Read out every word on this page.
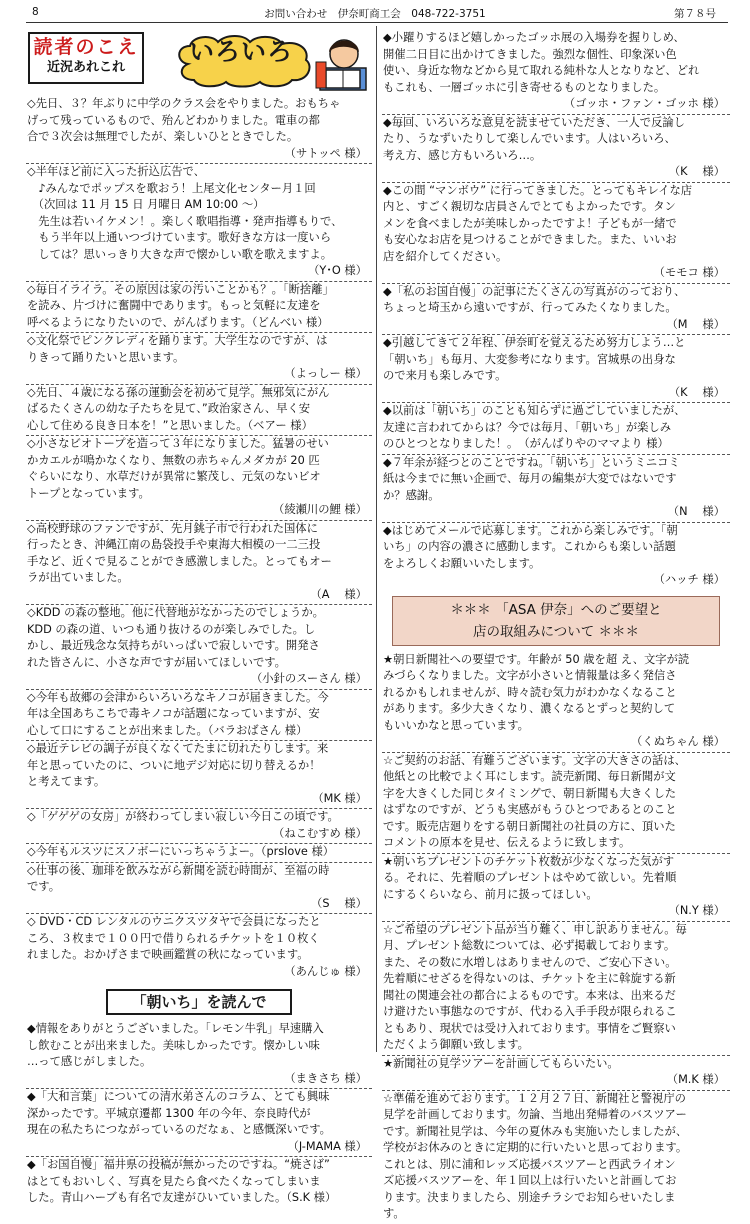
8	お問い合わせ　伊奈町商工会　048-722-3751	第７８号
読者のこえ
近況あれこれ
いろいろ

◇先日、３？年ぶりに中学のクラス会をやりました。おもちゃ
げって残っているもので、殆んどわかりました。電車の都
合で３次会は無理でしたが、楽しいひとときでした。

（サトッペ 様）

◇半年ほど前に入った折込広告で、
　♪みんなでポップスを歌おう！上尾文化センター月１回
　（次回は 11 月 15 日 月曜日 AM 10:00 ～）
　先生は若いイケメン！。楽しく歌唱指導・発声指導もりで、
　もう半年以上通いつづけています。歌好きな方は一度いら
　しては？思いっきり大きな声で懐かしい歌を歌えますよ。

（Y･O 様）

◇毎日イライラ。その原因は家の汚いことかも？。｢断捨離｣
を読み、片づけに奮闘中であります。もっと気軽に友達を
呼べるようになりたいので、がんばります。（どんべい 様）

◇文化祭でピンクレディを踊ります。大学生なのですが、は
りきって踊りたいと思います。

（よっしー 様）

◇先日、４歳になる孫の運動会を初めて見学。無邪気にがん
ばるたくさんの幼な子たちを見て、”政治家さん、早く安
心して住める良き日本を！”と思いました。（ベアー 様）

◇小さなビオトープを造って３年になりました。猛暑のせい
かカエルが鳴かなくなり、無数の赤ちゃんメダカが 20 匹
ぐらいになり、水草だけが異常に繁茂し、元気のないビオ
トープとなっています。

（綾瀬川の鯉 様）

◇高校野球のファンですが、先月銚子市で行われた国体に
行ったとき、沖縄江南の島袋投手や東海大相模の一二三投
手など、近くで見ることができ感激しました。とってもオー
ラが出ていました。

（A　 様）

◇KDD の森の整地。他に代替地がなかったのでしょうか。
KDD の森の道、いつも通り抜けるのが楽しみでした。し
かし、最近残念な気持ちがいっぱいで寂しいです。開発さ
れた皆さんに、小さな声ですが届いてほしいです。

（小針のスーさん 様）

◇今年も故郷の会津からいろいろなキノコが届きました。今
年は全国あちこちで毒キノコが話題になっていますが、安
心して口にすることが出来ました。（バラおばさん 様）

◇最近テレビの調子が良くなくてたまに切れたりします。来
年と思っていたのに、ついに地デジ対応に切り替えるか！
と考えてます。

（MK 様）

◇「ゲゲゲの女房」が終わってしまい寂しい今日この頃です。

（ねこむすめ 様）

◇今年もルスツにスノボーにいっちゃうよー。（prslove 様）

◇仕事の後、珈琲を飲みながら新聞を読む時間が、至福の時
です。

（S　 様）

◇ DVD・CD レンタルのウニクスツタヤで会員になったと
ころ、３枚まで１００円で借りられるチケットを１０枚く
れました。おかげさまで映画鑑賞の秋になっています。

（あんじゅ 様）
「朝いち」を読んで

◆情報をありがとうございました。「レモン牛乳」早速購入
し飲むことが出来ました。美味しかったです。懐かしい味
…って感じがしました。

（まきさち 様）

◆「大和言葉」についての清水弟さんのコラム、とても興味
深かったです。平城京遷都 1300 年の今年、奈良時代が
現在の私たちにつながっているのだなぁ、と感慨深いです。

（J-MAMA 様）

◆「お国自慢」福井県の投稿が無かったのですね。“焼さば”
はとてもおいしく、写真を見たら食べたくなってしまいま
した。青山ハーブも有名で友達がひいていました。（S.K 様）

◆小躍りするほど嬉しかったゴッホ展の入場券を握りしめ、
開催二日目に出かけてきました。強烈な個性、印象深い色
使い、身近な物などから見て取れる純朴な人となりなど、どれ
もこれも、一層ゴッホに引き寄せるものとなりました。

（ゴッホ・ファン・ゴッホ 様）

◆毎回、いろいろな意見を読ませていただき、一人で反論し
たり、うなずいたりして楽しんでいます。人はいろいろ、
考え方、感じ方もいろいろ…。

（K　 様）

◆この間 “マンボウ” に行ってきました。とってもキレイな店
内と、すごく親切な店員さんでとてもよかったです。タン
メンを食べましたが美味しかったですよ！子どもが一緒で
も安心なお店を見つけることができました。また、いいお
店を紹介してください。

（モモコ 様）

◆「私のお国自慢」の記事にたくさんの写真がのっており、
ちょっと埼玉から遠いですが、行ってみたくなりました。

（M　 様）

◆引越してきて２年程、伊奈町を覚えるため努力しよう…と
「朝いち」も毎月、大変参考になります。宮城県の出身な
ので来月も楽しみです。

（K　 様）

◆以前は「朝いち」のことも知らずに過ごしていましたが、
友達に言われてからは？今では毎月、「朝いち」が楽しみ
のひとつとなりました！。　（がんばりやのママより 様）

◆７年余が経つとのことですね。「朝いち」というミニコミ
紙は今までに無い企画で、毎月の編集が大変ではないです
か？感謝。

（N　 様）

◆はじめてメールで応募します。これから楽しみです。「朝
いち」の内容の濃さに感動します。これからも楽しい話題
をよろしくお願いいたします。

（ハッチ 様）
＊＊＊ 「ASA 伊奈」へのご要望と
店の取組みについて ＊＊＊

★朝日新聞社への要望です。年齢が 50 歳を超 え、文字が読
みづらくなりました。文字が小さいと情報量は多く発信さ
れるかもしれませんが、時々読む気力がわかなくなること
があります。多少大きくなり、濃くなるとずっと契約して
もいいかなと思っています。

（くぬちゃん 様）

☆ご契約のお話、有難うございます。文字の大きさの話は、
他紙との比較でよく耳にします。読売新聞、毎日新聞が文
字を大きくした同じタイミングで、朝日新聞も大きくした
はずなのですが、どうも実感がもうひとつであるとのこと
です。販売店廻りをする朝日新聞社の社員の方に、頂いた
コメントの原本を見せ、伝えるように致します。

★朝いちプレゼントのチケット枚数が少なくなった気がす
る。それに、先着順のプレゼントはやめて欲しい。先着順
にするくらいなら、前月に扱ってほしい。

（N.Y 様）

☆ご希望のプレゼント品が当り難く、申し訳ありません。毎
月、プレゼント総数については、必ず掲載しております。
また、その数に水増しはありませんので、ご安心下さい。
先着順にせざるを得ないのは、チケットを主に斡旋する新
聞社の関連会社の都合によるものです。本来は、出来るだ
け避けたい事態なのですが、代わる入手手段が限られるこ
ともあり、現状では受け入れております。事情をご賢察い
ただくよう御願い致します。

★新聞社の見学ツアーを計画してもらいたい。

（M.K 様）

☆準備を進めております。１２月２７日、新聞社と警視庁の
見学を計画しております。勿論、当地出発帰着のバスツアー
です。新聞社見学は、今年の夏休みも実施いたしましたが、
学校がお休みのときに定期的に行いたいと思っております。
これとは、別に浦和レッズ応援バスツアーと西武ライオン
ズ応援バスツアーを、年１回以上は行いたいと計画してお
ります。決まりましたら、別途チラシでお知らせいたしま
す。
